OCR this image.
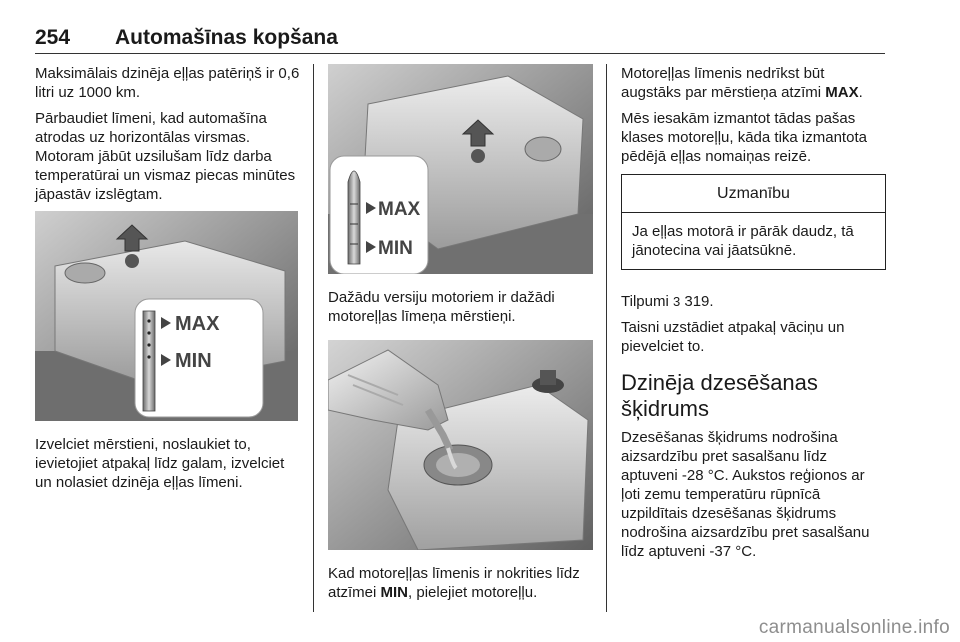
254 Automašīnas kopšana

Maksimālais dzinēja eļļas patēriņš ir 0,6 litri uz 1000 km.

Pārbaudiet līmeni, kad automašīna atrodas uz horizontālas virsmas. Motoram jābūt uzsilušam līdz darba temperatūrai un vismaz piecas minūtes jāpastāv izslēgtam.

MAX
MIN

Izvelciet mērstieni, noslaukiet to, ievietojiet atpakaļ līdz galam, izvelciet un nolasiet dzinēja eļļas līmeni.

MAX
MIN

Dažādu versiju motoriem ir dažādi motoreļļas līmeņa mērstieņi.

Kad motoreļļas līmenis ir nokrities līdz atzīmei MIN, pielejiet motoreļļu.

Motoreļļas līmenis nedrīkst būt augstāks par mērstieņa atzīmi MAX.

Mēs iesakām izmantot tādas pašas klases motoreļļu, kāda tika izmantota pēdējā eļļas nomaiņas reizē.

Uzmanību
Ja eļļas motorā ir pārāk daudz, tā jānotecina vai jāatsūknē.

Tilpumi 3 319.

Taisni uzstādiet atpakaļ vāciņu un pievelciet to.

Dzinēja dzesēšanas šķidrums

Dzesēšanas šķidrums nodrošina aizsardzību pret sasalšanu līdz aptuveni -28 °C. Aukstos reģionos ar ļoti zemu temperatūru rūpnīcā uzpildītais dzesēšanas šķidrums nodrošina aizsardzību pret sasalšanu līdz aptuveni -37 °C.

carmanualsonline.info
